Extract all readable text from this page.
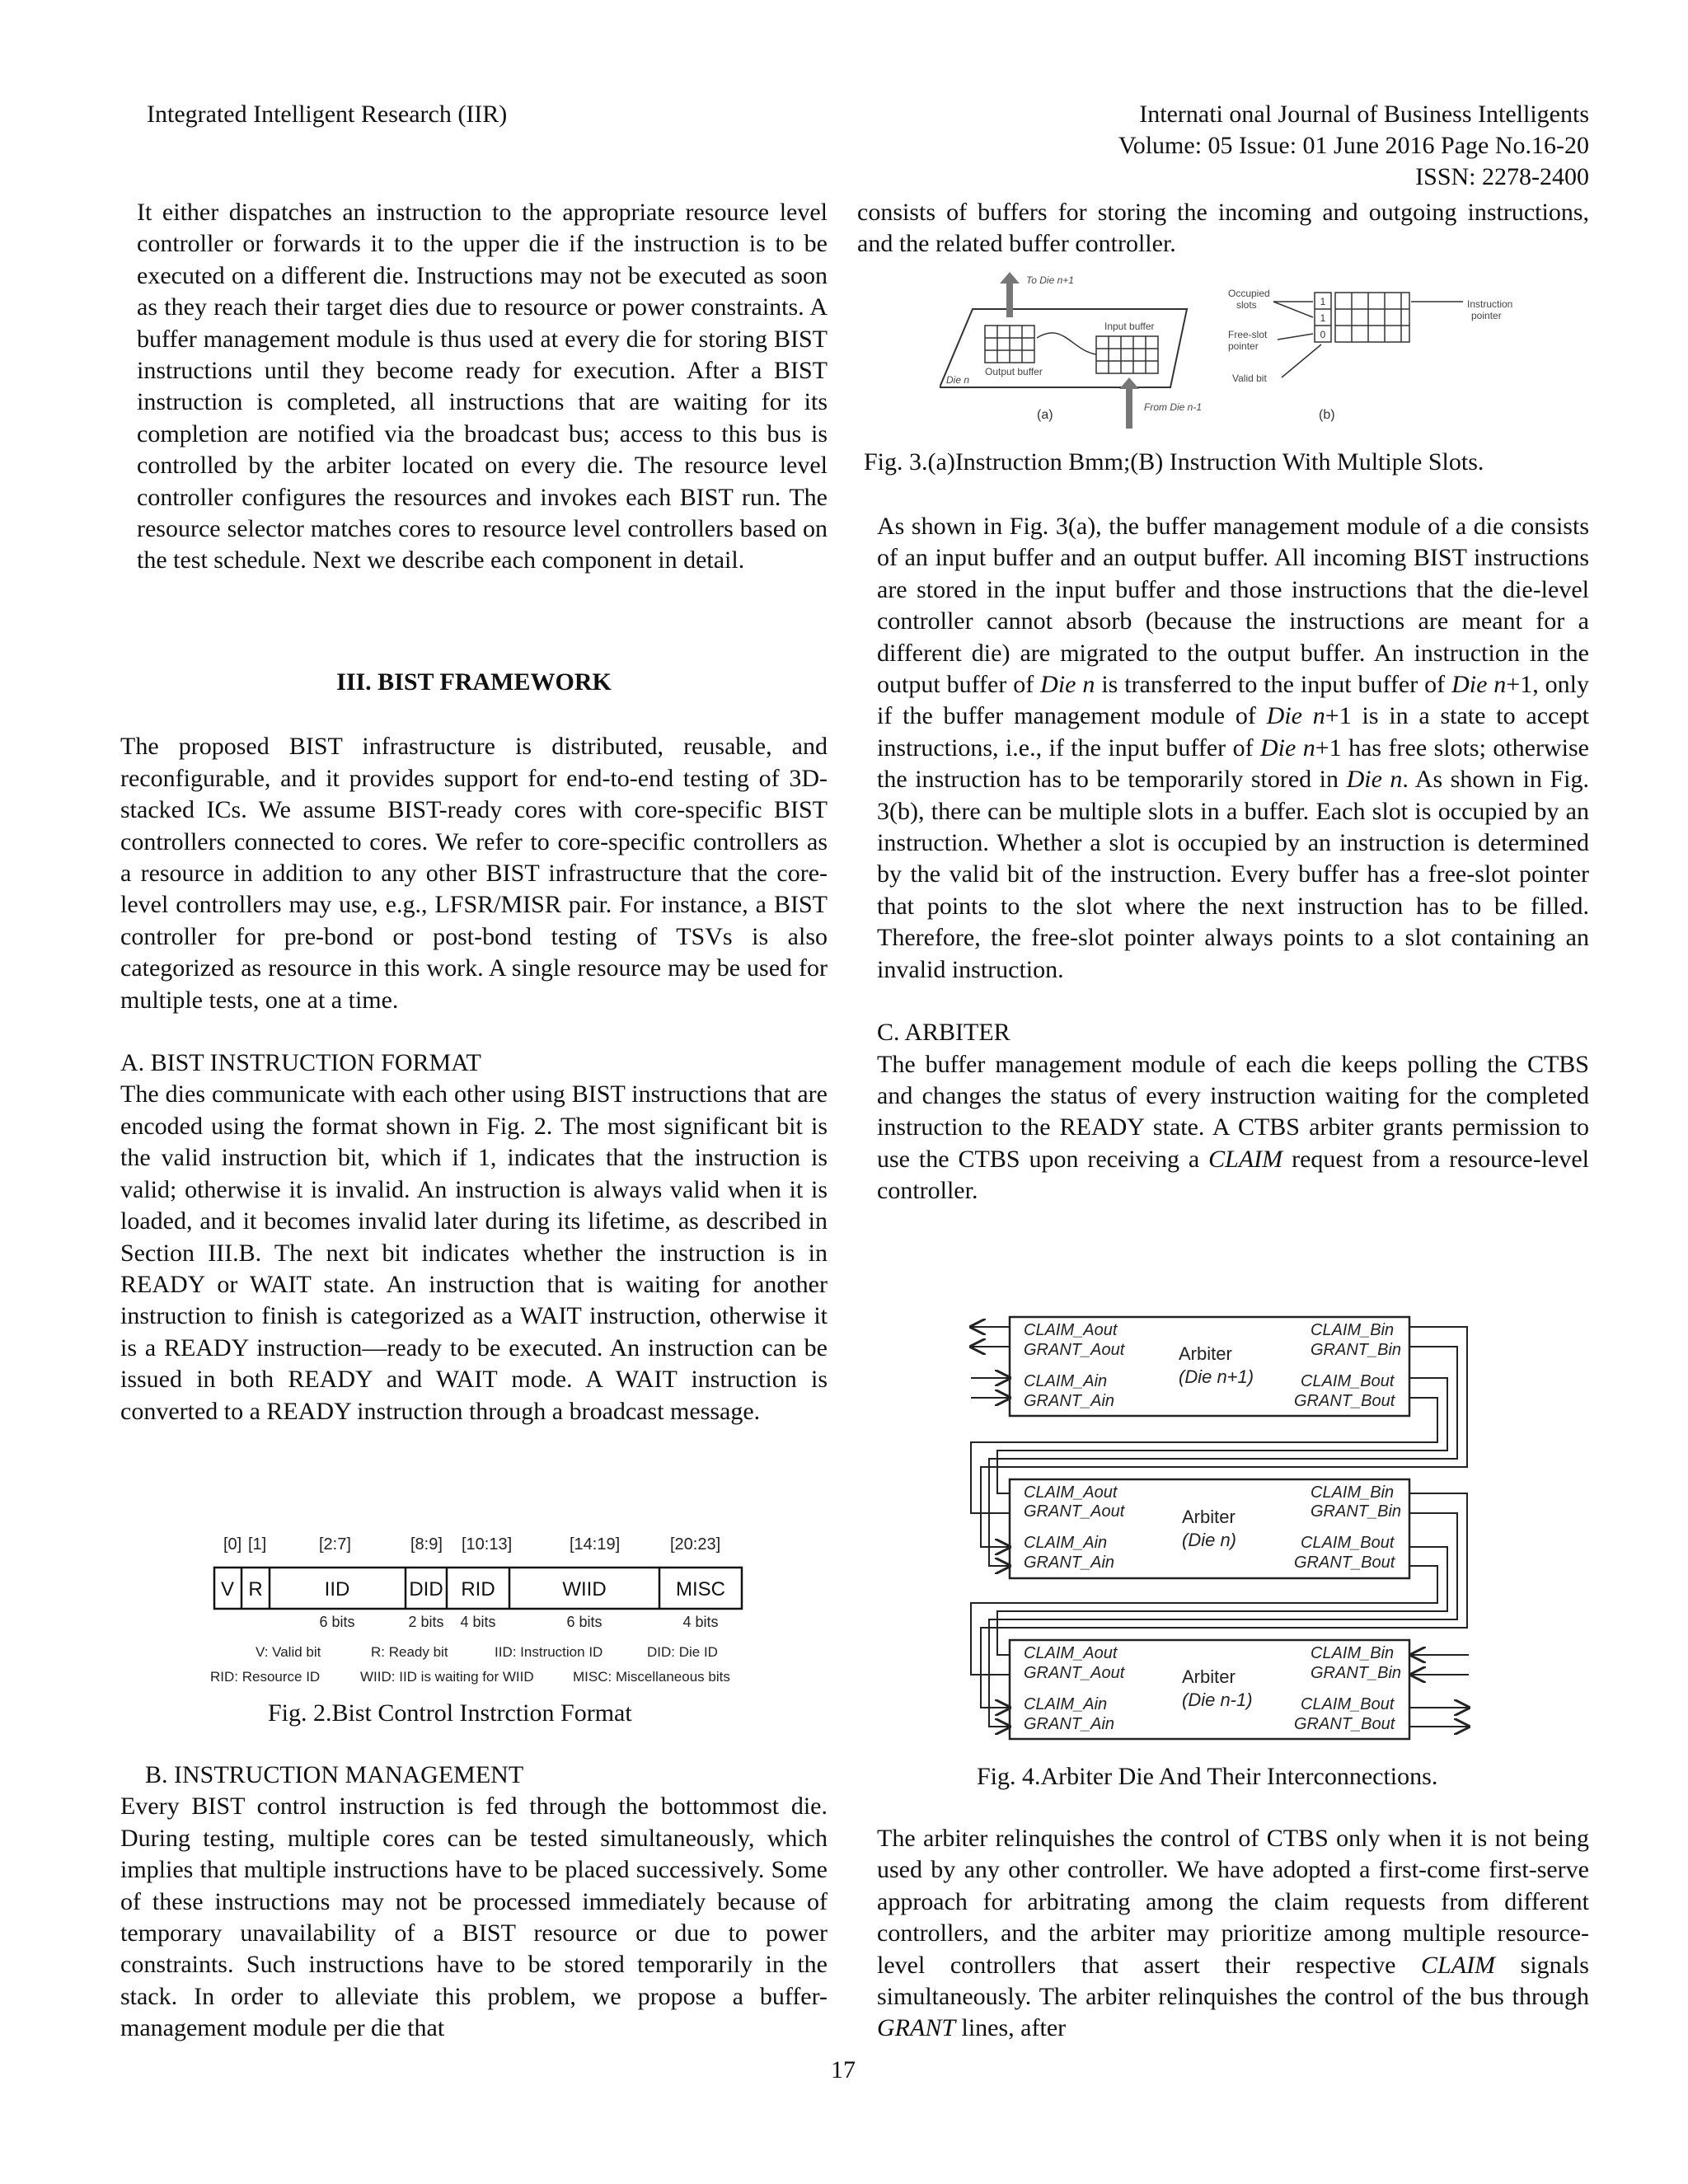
Integrated Intelligent Research (IIR)	Internati onal Journal of Business Intelligents
Volume: 05 Issue: 01 June 2016 Page No.16-20
ISSN: 2278-2400

It either dispatches an instruction to the appropriate resource level controller or forwards it to the upper die if the instruction is to be executed on a different die. Instructions may not be executed as soon as they reach their target dies due to resource or power constraints. A buffer management module is thus used at every die for storing BIST instructions until they become ready for execution. After a BIST instruction is completed, all instructions that are waiting for its completion are notified via the broadcast bus; access to this bus is controlled by the arbiter located on every die. The resource level controller configures the resources and invokes each BIST run. The resource selector matches cores to resource level controllers based on the test schedule. Next we describe each component in detail.

III. BIST FRAMEWORK

The proposed BIST infrastructure is distributed, reusable, and reconfigurable, and it provides support for end-to-end testing of 3D-stacked ICs. We assume BIST-ready cores with core-specific BIST controllers connected to cores. We refer to core-specific controllers as a resource in addition to any other BIST infrastructure that the core-level controllers may use, e.g., LFSR/MISR pair. For instance, a BIST controller for pre-bond or post-bond testing of TSVs is also categorized as resource in this work. A single resource may be used for multiple tests, one at a time.

A. BIST INSTRUCTION FORMAT

The dies communicate with each other using BIST instructions that are encoded using the format shown in Fig. 2. The most significant bit is the valid instruction bit, which if 1, indicates that the instruction is valid; otherwise it is invalid. An instruction is always valid when it is loaded, and it becomes invalid later during its lifetime, as described in Section III.B. The next bit indicates whether the instruction is in READY or WAIT state. An instruction that is waiting for another instruction to finish is categorized as a WAIT instruction, otherwise it is a READY instruction—ready to be executed. An instruction can be issued in both READY and WAIT mode. A WAIT instruction is converted to a READY instruction through a broadcast message.

[0] [1]	[2:7]	[8:9] [10:13]	[14:19]	[20:23]
V R	IID	DID RID	WIID	MISC
6 bits	2 bits 4 bits	6 bits	4 bits
V: Valid bit	R: Ready bit	IID: Instruction ID	DID: Die ID
RID: Resource ID	WIID: IID is waiting for WIID	MISC: Miscellaneous bits
Fig. 2.Bist Control Instrction Format
B. INSTRUCTION MANAGEMENT

Every BIST control instruction is fed through the bottommost die. During testing, multiple cores can be tested simultaneously, which implies that multiple instructions have to be placed successively. Some of these instructions may not be processed immediately because of temporary unavailability of a BIST resource or due to power constraints. Such instructions have to be stored temporarily in the stack. In order to alleviate this problem, we propose a buffer-management module per die that

consists of buffers for storing the incoming and outgoing instructions, and the related buffer controller.

To Die n+1
Output buffer
Die n
Input buffer
From Die n-1
(a)
Occupied
slots
Free-slot
pointer
Valid bit
Instruction
pointer
1
1
0
(b)
Fig. 3.(a)Instruction Bmm;(B) Instruction With Multiple Slots.

As shown in Fig. 3(a), the buffer management module of a die consists of an input buffer and an output buffer. All incoming BIST instructions are stored in the input buffer and those instructions that the die-level controller cannot absorb (because the instructions are meant for a different die) are migrated to the output buffer. An instruction in the output buffer of Die n is transferred to the input buffer of Die n+1, only if the buffer management module of Die n+1 is in a state to accept instructions, i.e., if the input buffer of Die n+1 has free slots; otherwise the instruction has to be temporarily stored in Die n. As shown in Fig. 3(b), there can be multiple slots in a buffer. Each slot is occupied by an instruction. Whether a slot is occupied by an instruction is determined by the valid bit of the instruction. Every buffer has a free-slot pointer that points to the slot where the next instruction has to be filled. Therefore, the free-slot pointer always points to a slot containing an invalid instruction.

C. ARBITER

The buffer management module of each die keeps polling the CTBS and changes the status of every instruction waiting for the completed instruction to the READY state. A CTBS arbiter grants permission to use the CTBS upon receiving a CLAIM request from a resource-level controller.

CLAIM_Aout
GRANT_Aout
CLAIM_Ain
GRANT_Ain
CLAIM_Bin
GRANT_Bin
CLAIM_Bout
GRANT_Bout
CLAIM_Aout
GRANT_Aout
CLAIM_Ain
GRANT_Ain
CLAIM_Bin
GRANT_Bin
CLAIM_Bout
GRANT_Bout
CLAIM_Aout
GRANT_Aout
CLAIM_Ain
GRANT_Ain
CLAIM_Bin
GRANT_Bin
CLAIM_Bout
GRANT_Bout
Arbiter
(Die n+1)
Arbiter
(Die n)
Arbiter
(Die n-1)
Fig. 4.Arbiter Die And Their Interconnections.

The arbiter relinquishes the control of CTBS only when it is not being used by any other controller. We have adopted a first-come first-serve approach for arbitrating among the claim requests from different controllers, and the arbiter may prioritize among multiple resource-level controllers that assert their respective CLAIM signals simultaneously. The arbiter relinquishes the control of the bus through GRANT lines, after

17
